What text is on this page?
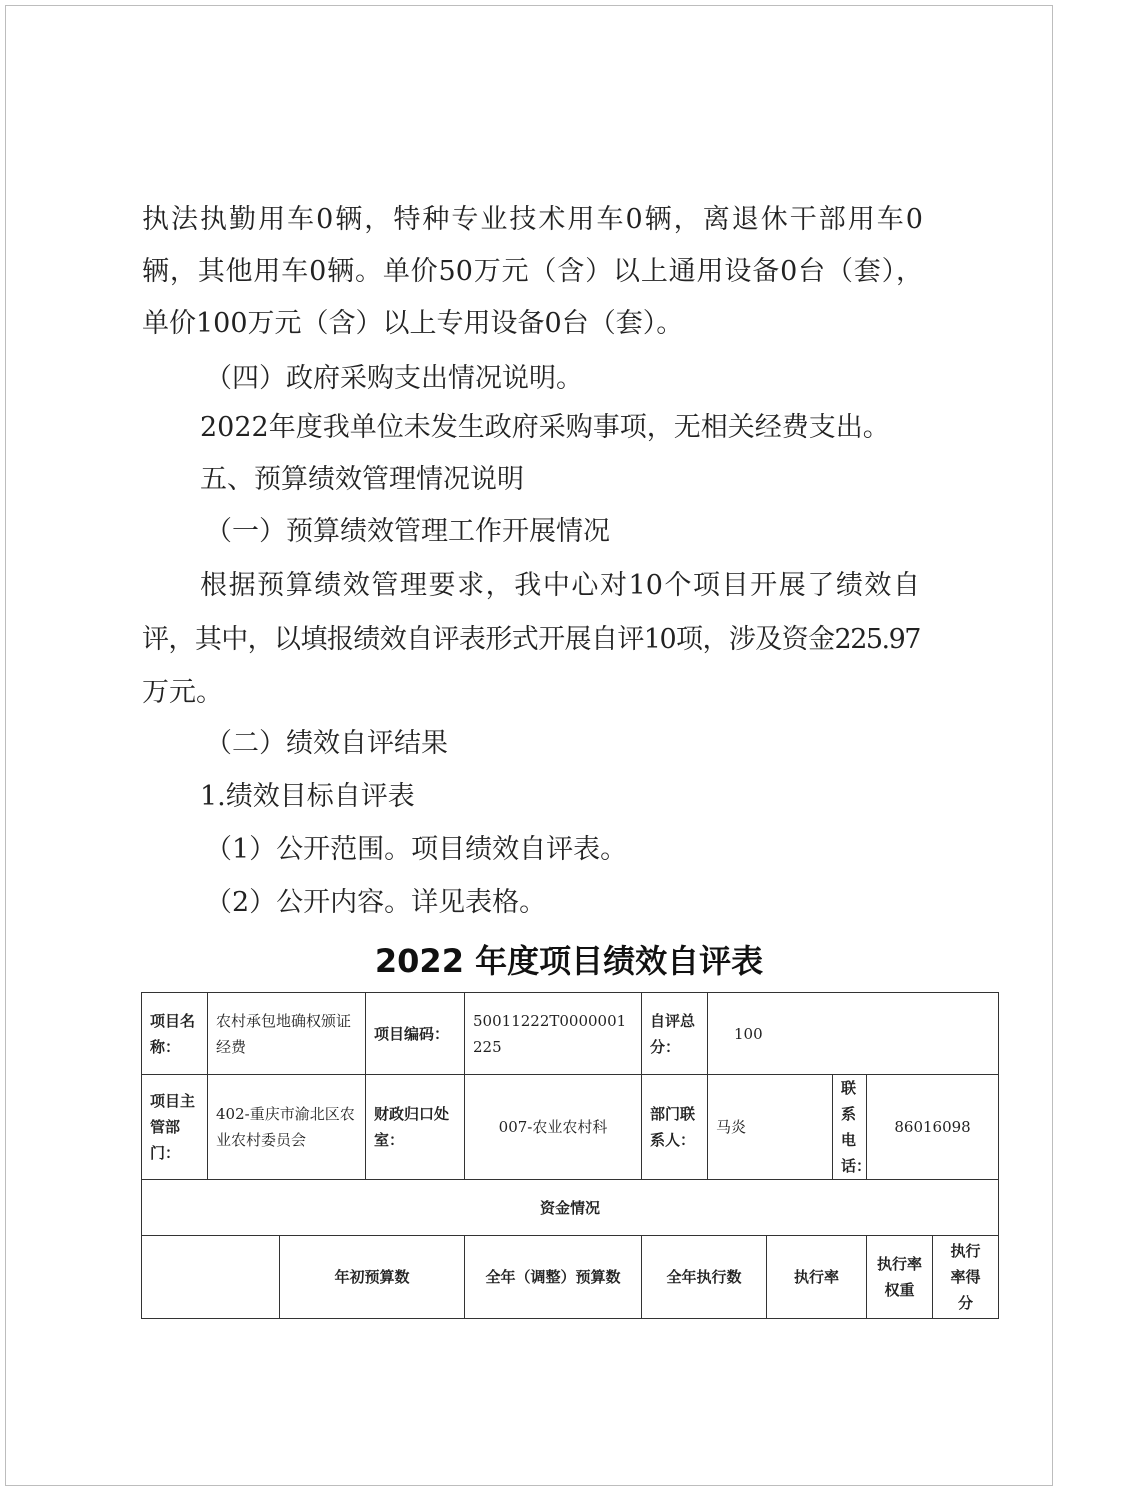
执法执勤用车0辆，特种专业技术用车0辆，离退休干部用车0

辆，其他用车0辆。单价50万元（含）以上通用设备0台（套），

单价100万元（含）以上专用设备0台（套）。

（四）政府采购支出情况说明。

2022年度我单位未发生政府采购事项，无相关经费支出。

五、预算绩效管理情况说明

（一）预算绩效管理工作开展情况

根据预算绩效管理要求，我中心对10个项目开展了绩效自

评，其中，以填报绩效自评表形式开展自评10项，涉及资金225.97

万元。

（二）绩效自评结果

1.绩效目标自评表

（1）公开范围。项目绩效自评表。

（2）公开内容。详见表格。

2022 年度项目绩效自评表
项目名称：	农村承包地确权颁证经费		项目编码：	50011222T0000001225	自评总分：	100				
项目主管部门：	402-重庆市渝北区农业农村委员会		财政归口处室：	007-农业农村科	部门联系人：	马炎		联系电话：	86016098	
资金情况										
		年初预算数		全年（调整）预算数	全年执行数		执行率		执行率权重	执行率得分
